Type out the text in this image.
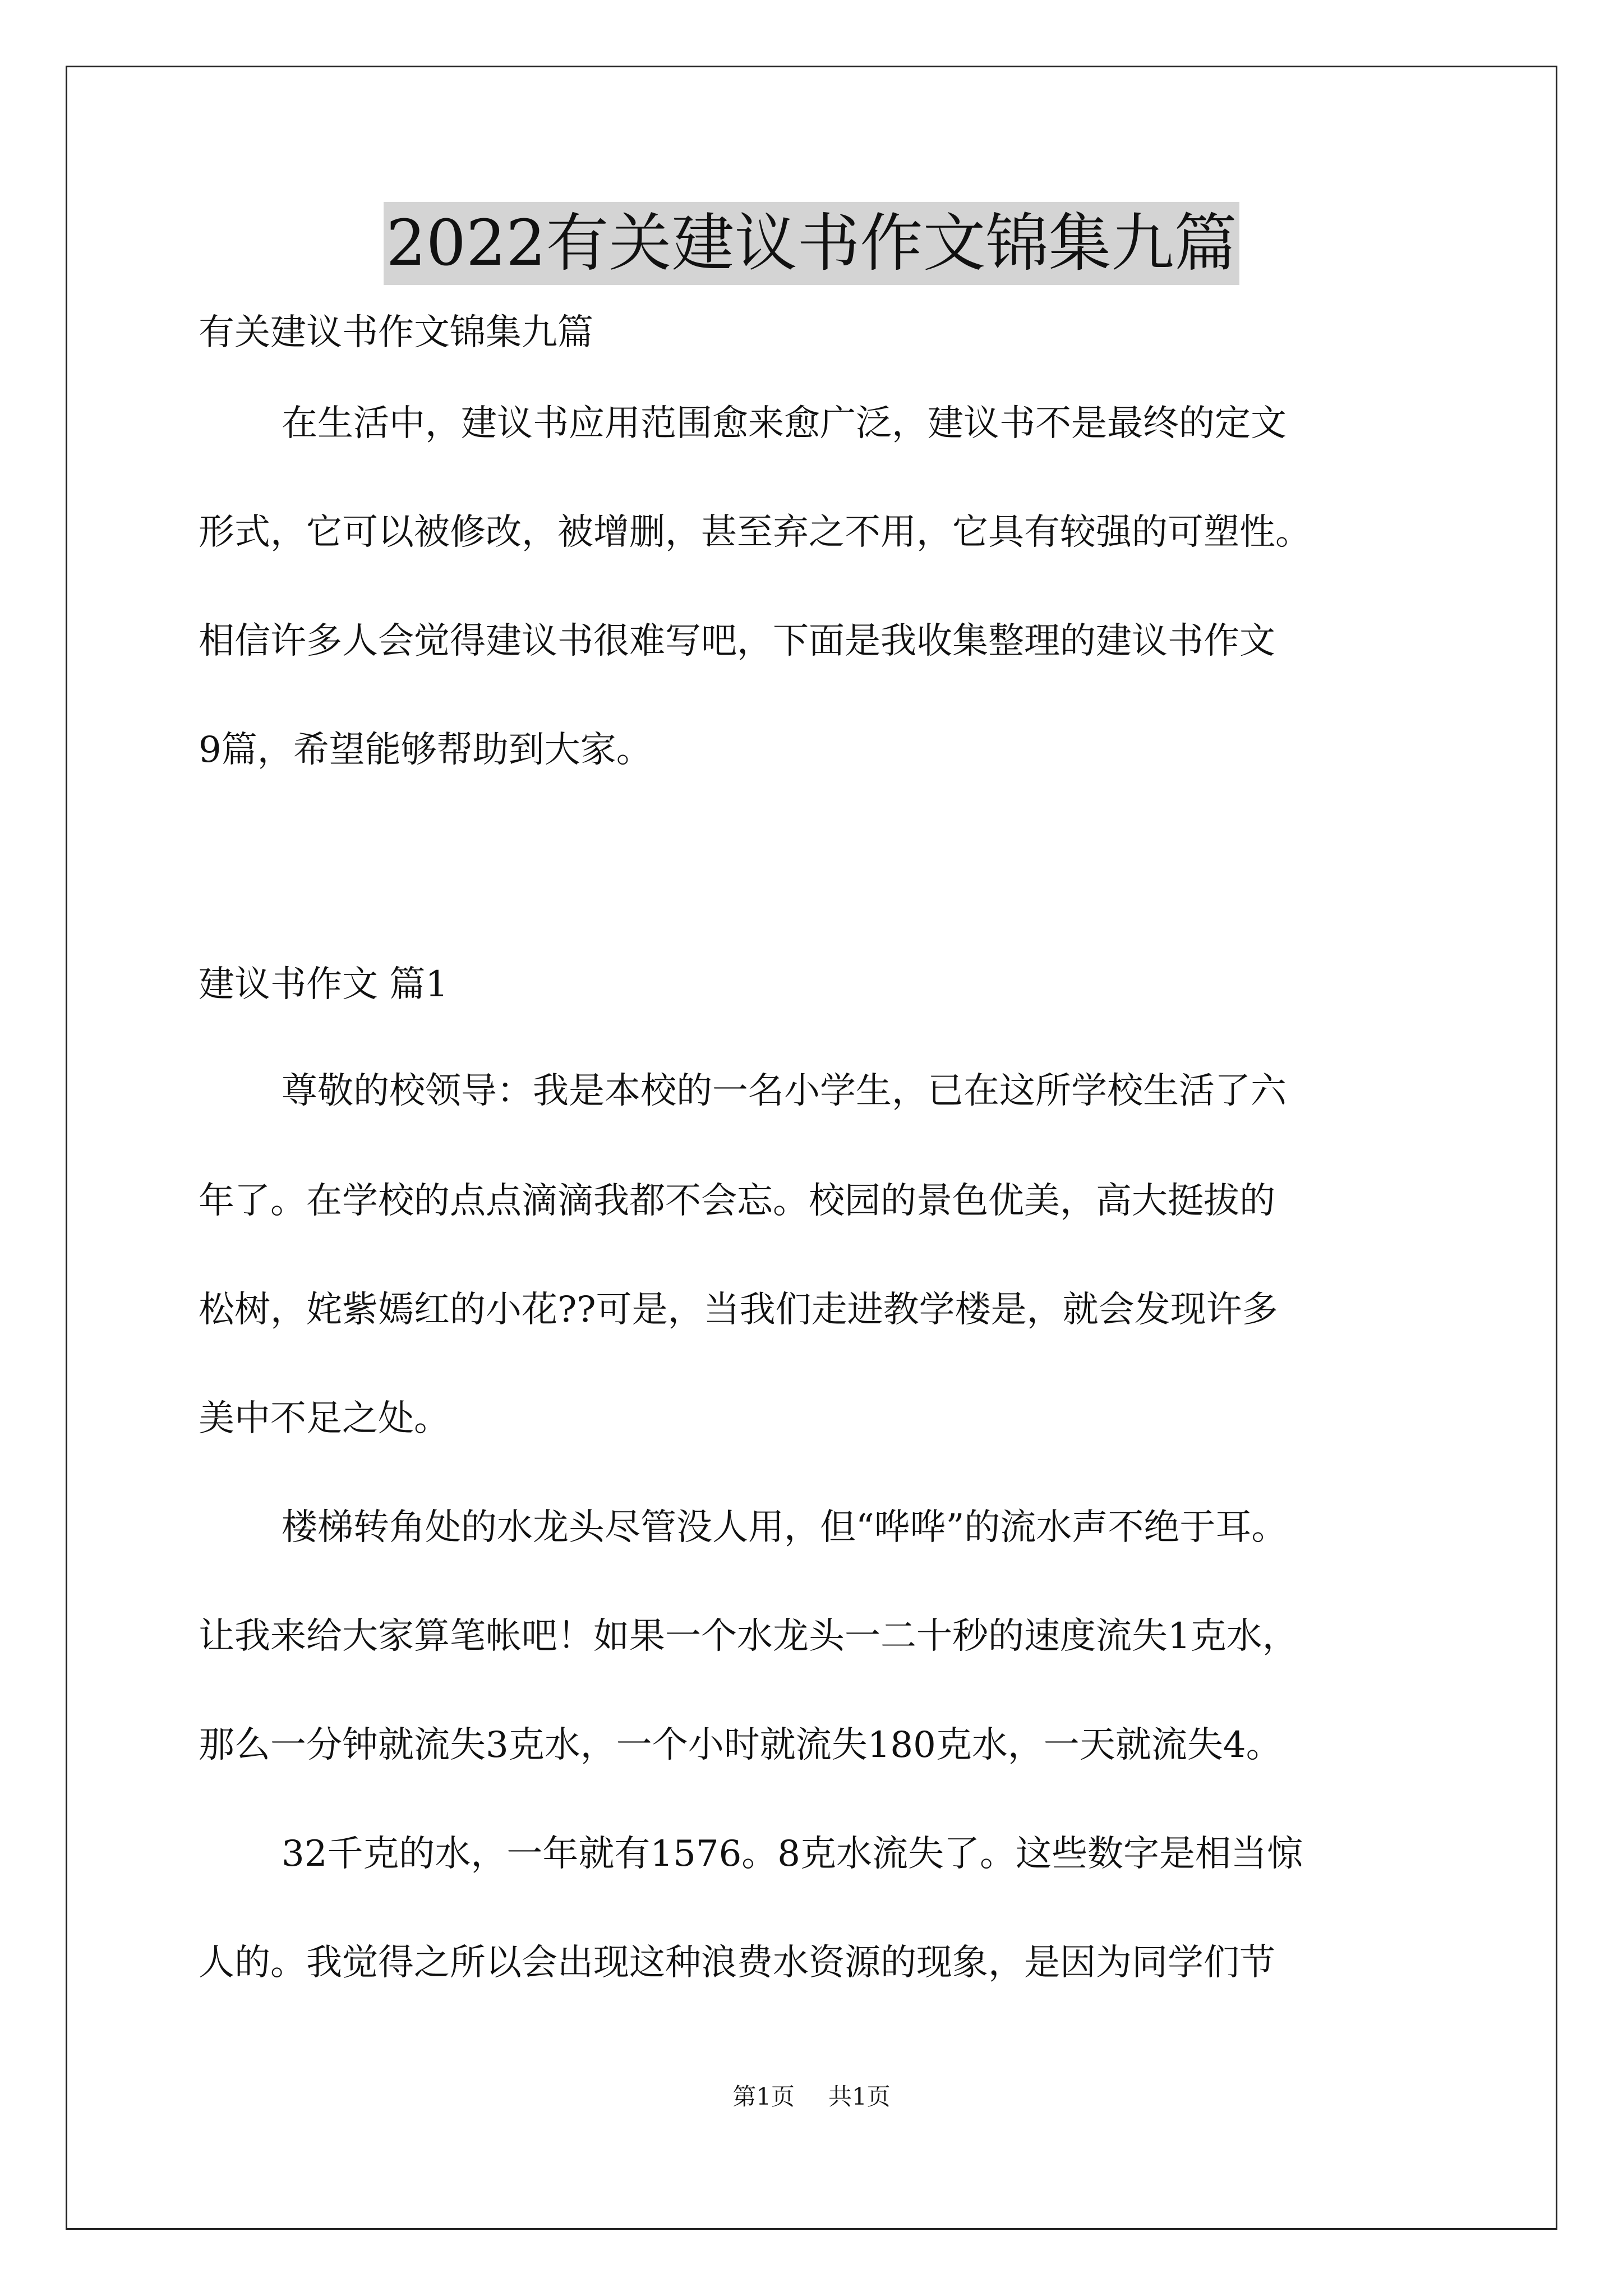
2022有关建议书作文锦集九篇
有关建议书作文锦集九篇
在生活中，建议书应用范围愈来愈广泛，建议书不是最终的定文
形式，它可以被修改，被增删，甚至弃之不用，它具有较强的可塑性。
相信许多人会觉得建议书很难写吧，下面是我收集整理的建议书作文
9篇，希望能够帮助到大家。
建议书作文 篇1
尊敬的校领导：我是本校的一名小学生，已在这所学校生活了六
年了。在学校的点点滴滴我都不会忘。校园的景色优美，高大挺拔的
松树，姹紫嫣红的小花??可是，当我们走进教学楼是，就会发现许多
美中不足之处。
楼梯转角处的水龙头尽管没人用，但“哗哗”的流水声不绝于耳。
让我来给大家算笔帐吧！如果一个水龙头一二十秒的速度流失1克水，
那么一分钟就流失3克水，一个小时就流失180克水，一天就流失4。
32千克的水，一年就有1576。8克水流失了。这些数字是相当惊
人的。我觉得之所以会出现这种浪费水资源的现象，是因为同学们节
第1页 共1页
